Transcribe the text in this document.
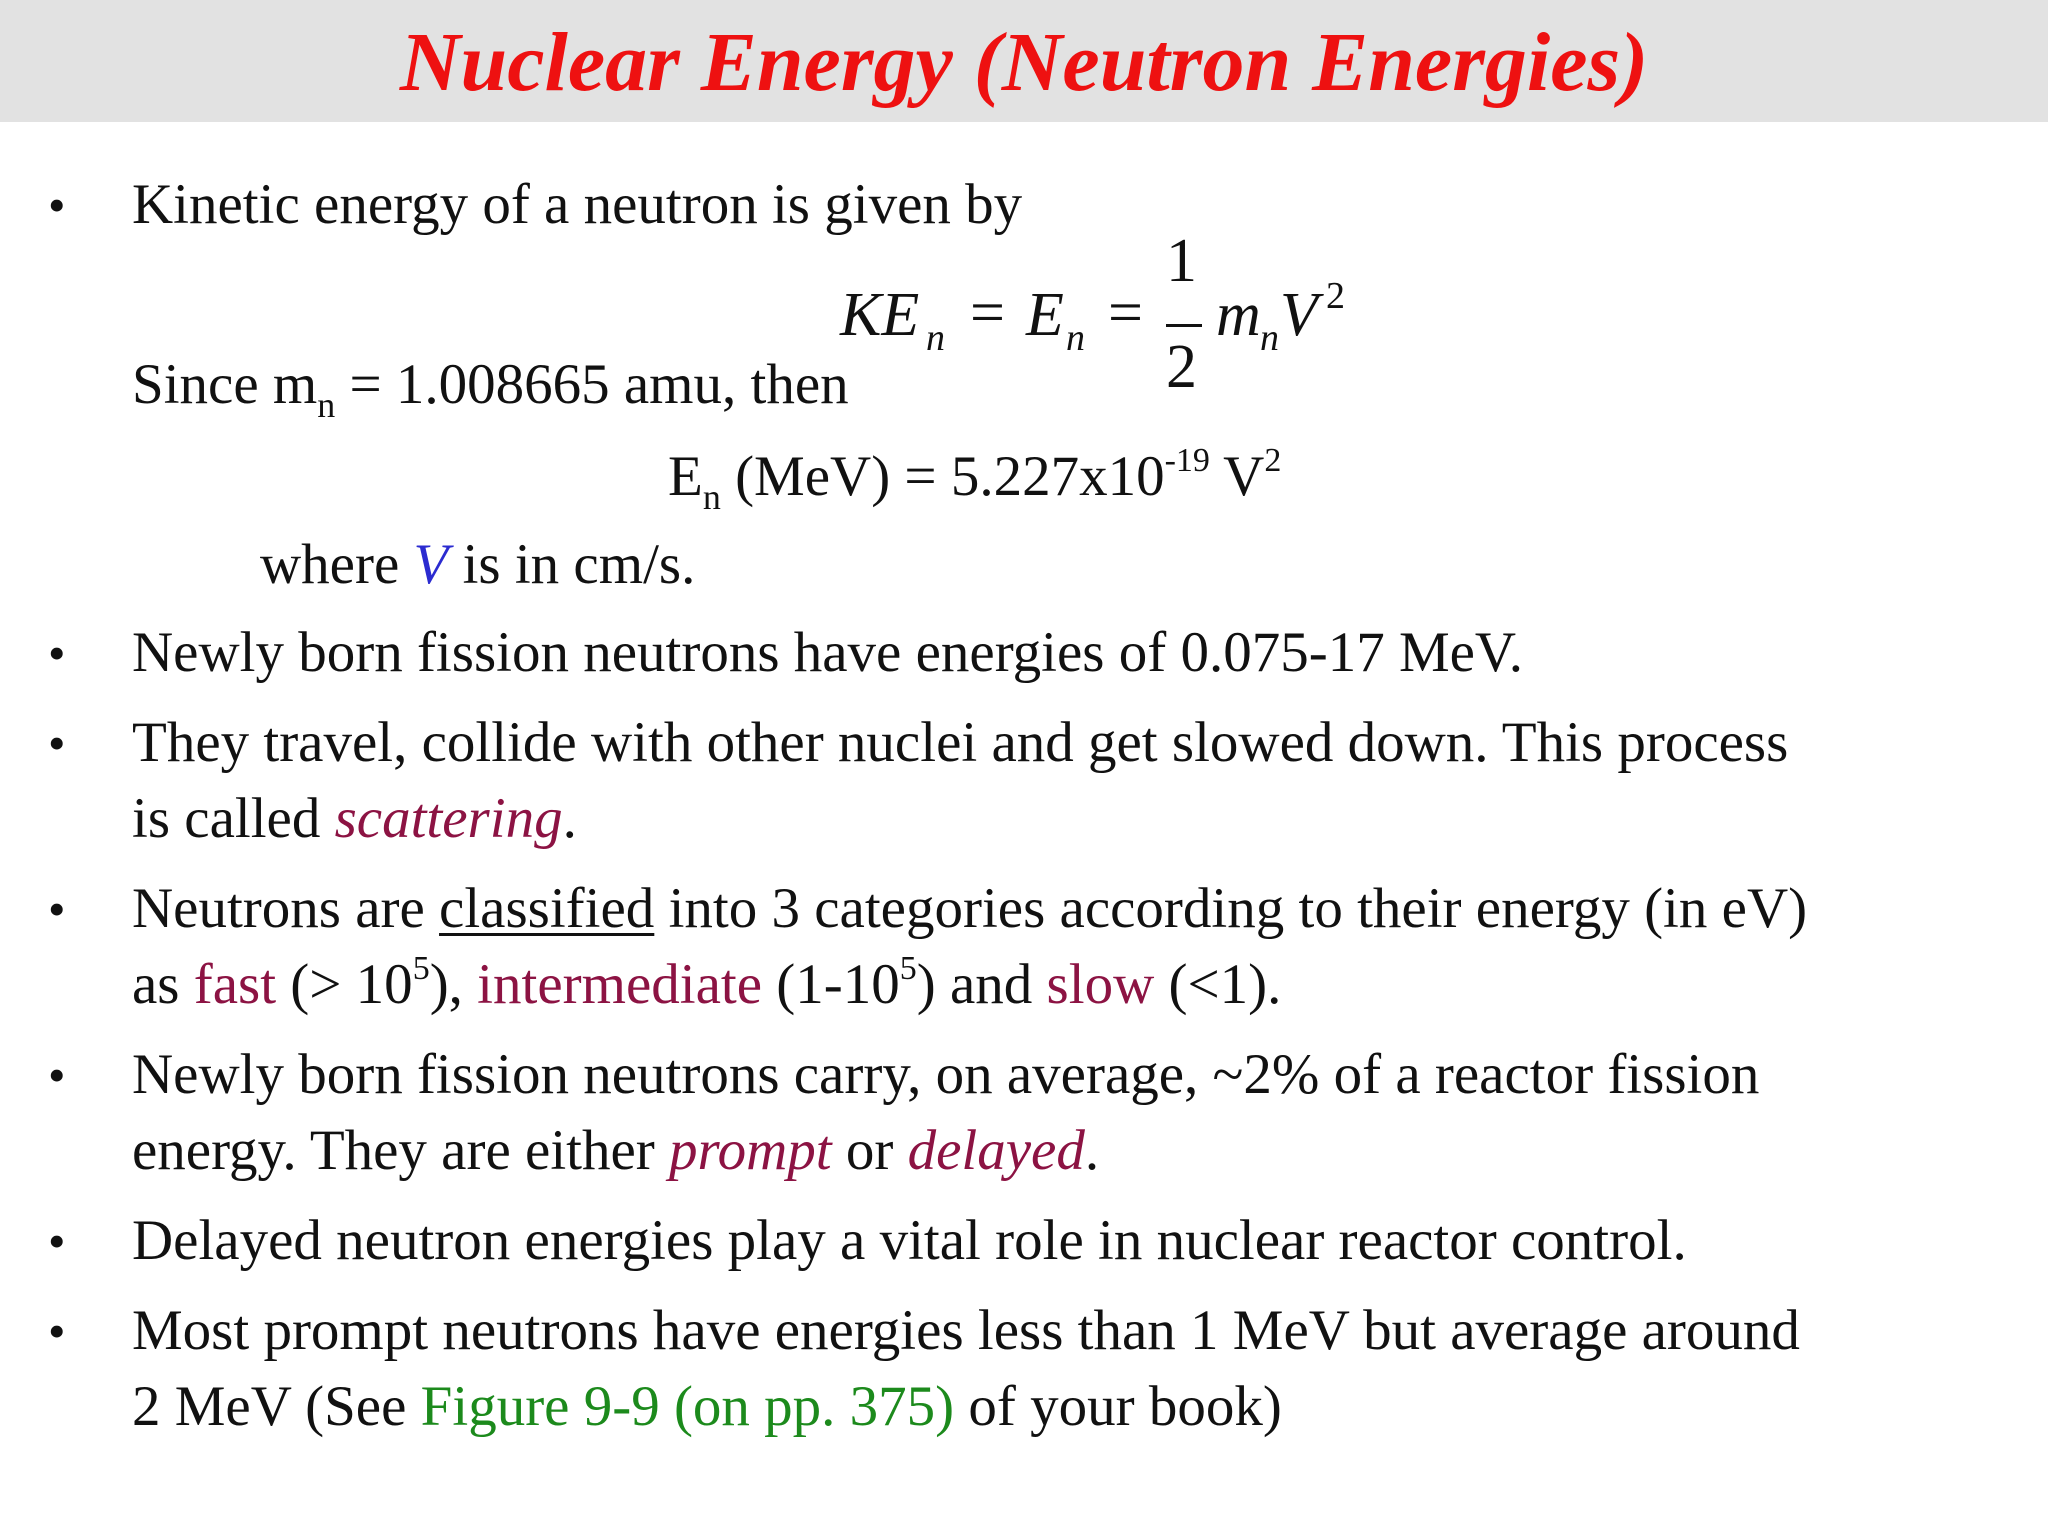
Nuclear Energy (Neutron Energies)
• Kinetic energy of a neutron is given by
KE n = E n =
1
2
m n V 2
Since $m_n = 1.008665$ amu, then
$E_n$ $(MeV) = 5.227x10^{-19}$ $V^2$
where V is in cm/s.
• Newly born fission neutrons have energies of 0.075-17 MeV.
• They travel, collide with other nuclei and get slowed down. This process
is called scattering.
• Neutrons are classified into 3 categories according to their energy (in eV)
as fast (> $10^5$), intermediate $(1-10^5)$ and slow (<1).
• Newly born fission neutrons carry, on average, ~2% of a reactor fission
energy. They are either prompt or delayed.
• Delayed neutron energies play a vital role in nuclear reactor control.
• Most prompt neutrons have energies less than 1 MeV but average around
2 MeV (See Figure 9-9 (on pp. 375) of your book)
